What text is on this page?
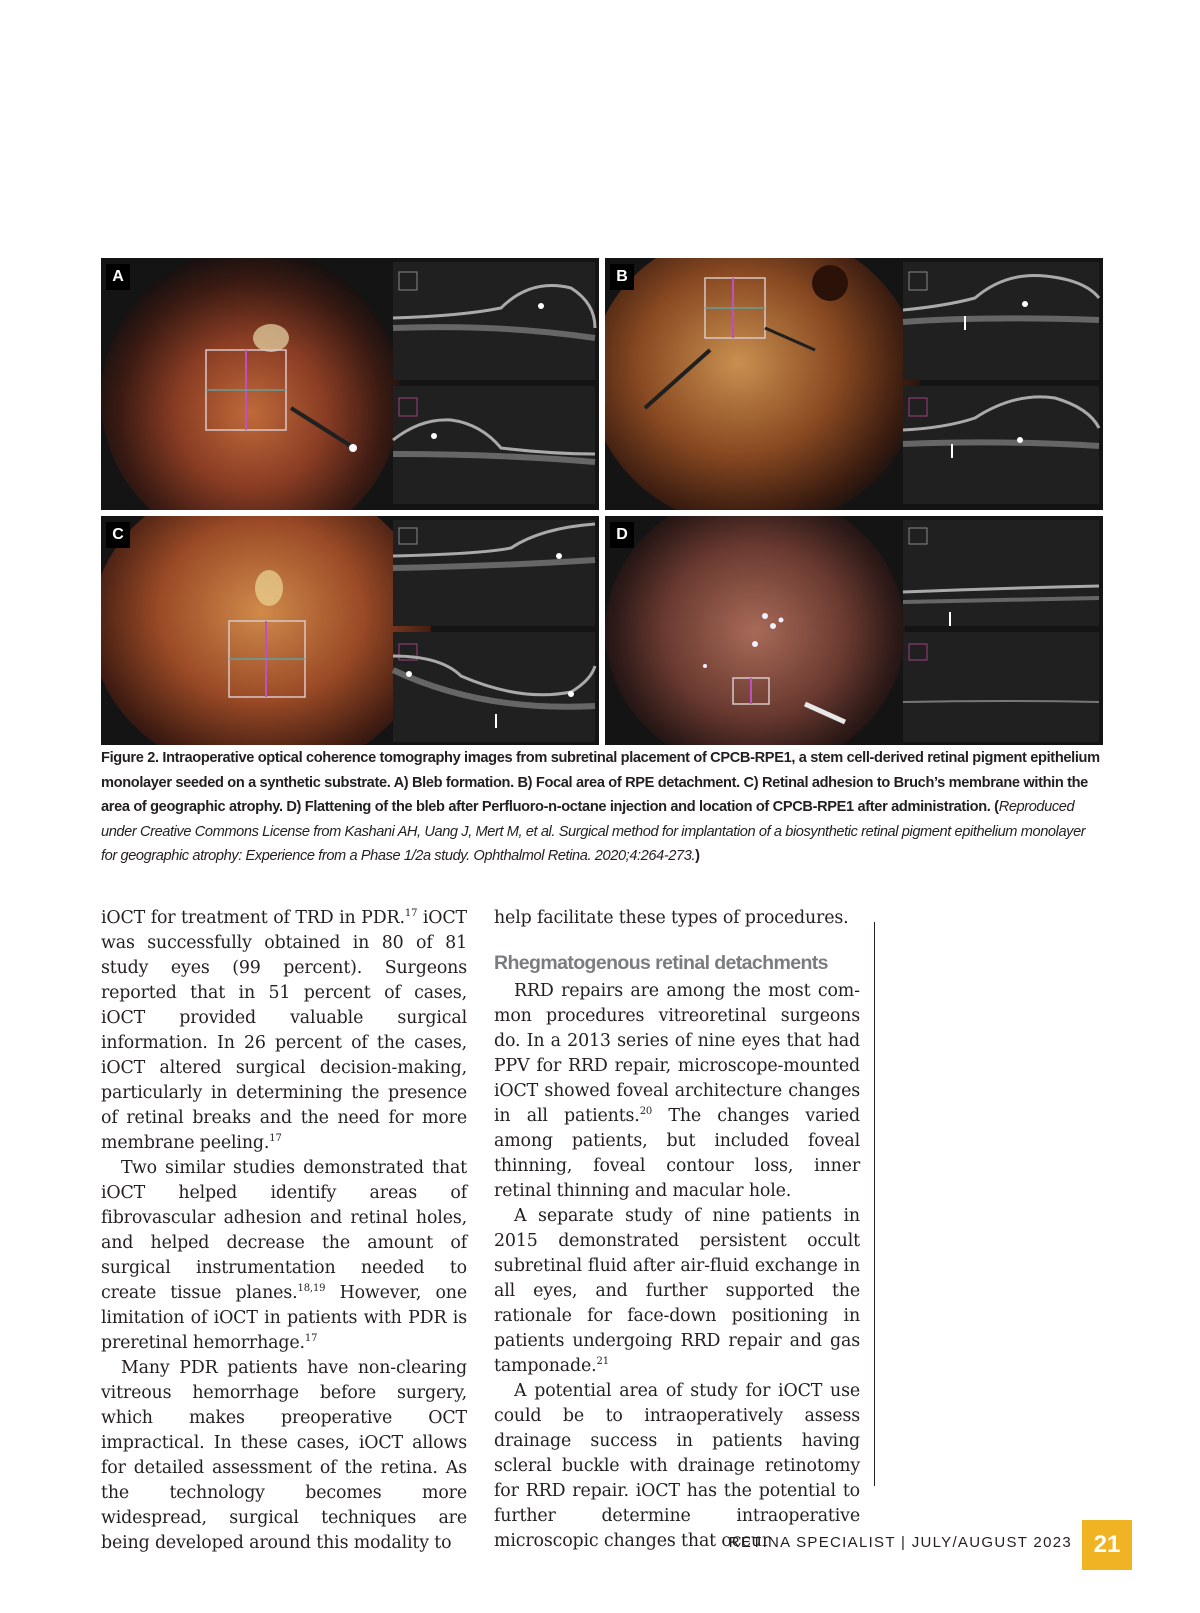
A	B
C	D
Figure 2. Intraoperative optical coherence tomography images from subretinal placement of CPCB-RPE1, a stem cell-derived retinal pigment epithelium monolayer seeded on a synthetic substrate. A) Bleb formation. B) Focal area of RPE detachment. C) Retinal adhesion to Bruch’s membrane within the area of geographic atrophy. D) Flattening of the bleb after Perfluoro-n-octane injection and location of CPCB-RPE1 after administration. (Reproduced under Creative Commons License from Kashani AH, Uang J, Mert M, et al. Surgical method for implantation of a biosynthetic retinal pigment epithelium monolayer for geographic atrophy: Experience from a Phase 1/2a study. Ophthalmol Retina. 2020;4:264-273.)

iOCT for treatment of TRD in PDR.$^{17}$ iOCT was successfully obtained in 80 of 81 study eyes (99 percent). Surgeons reported that in 51 percent of cases, iOCT provided valuable surgical information. In 26 percent of the cases, iOCT altered surgical decision-making, particularly in determining the presence of retinal breaks and the need for more membrane peeling.$^{17}$

Two similar studies demonstrated that iOCT helped identify areas of fibrovascular adhesion and retinal holes, and helped decrease the amount of surgical instrumentation needed to create tissue planes.$^{18,19}$ However, one limitation of iOCT in patients with PDR is preretinal hemorrhage.$^{17}$

Many PDR patients have non-clearing vitreous hemorrhage before surgery, which makes preoperative OCT impractical. In these cases, iOCT allows for detailed assessment of the retina. As the technology becomes more widespread, surgical techniques are being developed around this modality to

help facilitate these types of procedures.

Rhegmatogenous retinal detachments

RRD repairs are among the most common procedures vitreoretinal surgeons do. In a 2013 series of nine eyes that had PPV for RRD repair, microscope-mounted iOCT showed foveal architecture changes in all patients.$^{20}$ The changes varied among patients, but included foveal thinning, foveal contour loss, inner retinal thinning and macular hole.

A separate study of nine patients in 2015 demonstrated persistent occult subretinal fluid after air-fluid exchange in all eyes, and further supported the rationale for face-down positioning in patients undergoing RRD repair and gas tamponade.$^{21}$

A potential area of study for iOCT use could be to intraoperatively assess drainage success in patients having scleral buckle with drainage retinotomy for RRD repair. iOCT has the potential to further determine intraoperative microscopic changes that occur

RETINA SPECIALIST | JULY/AUGUST 2023 21
